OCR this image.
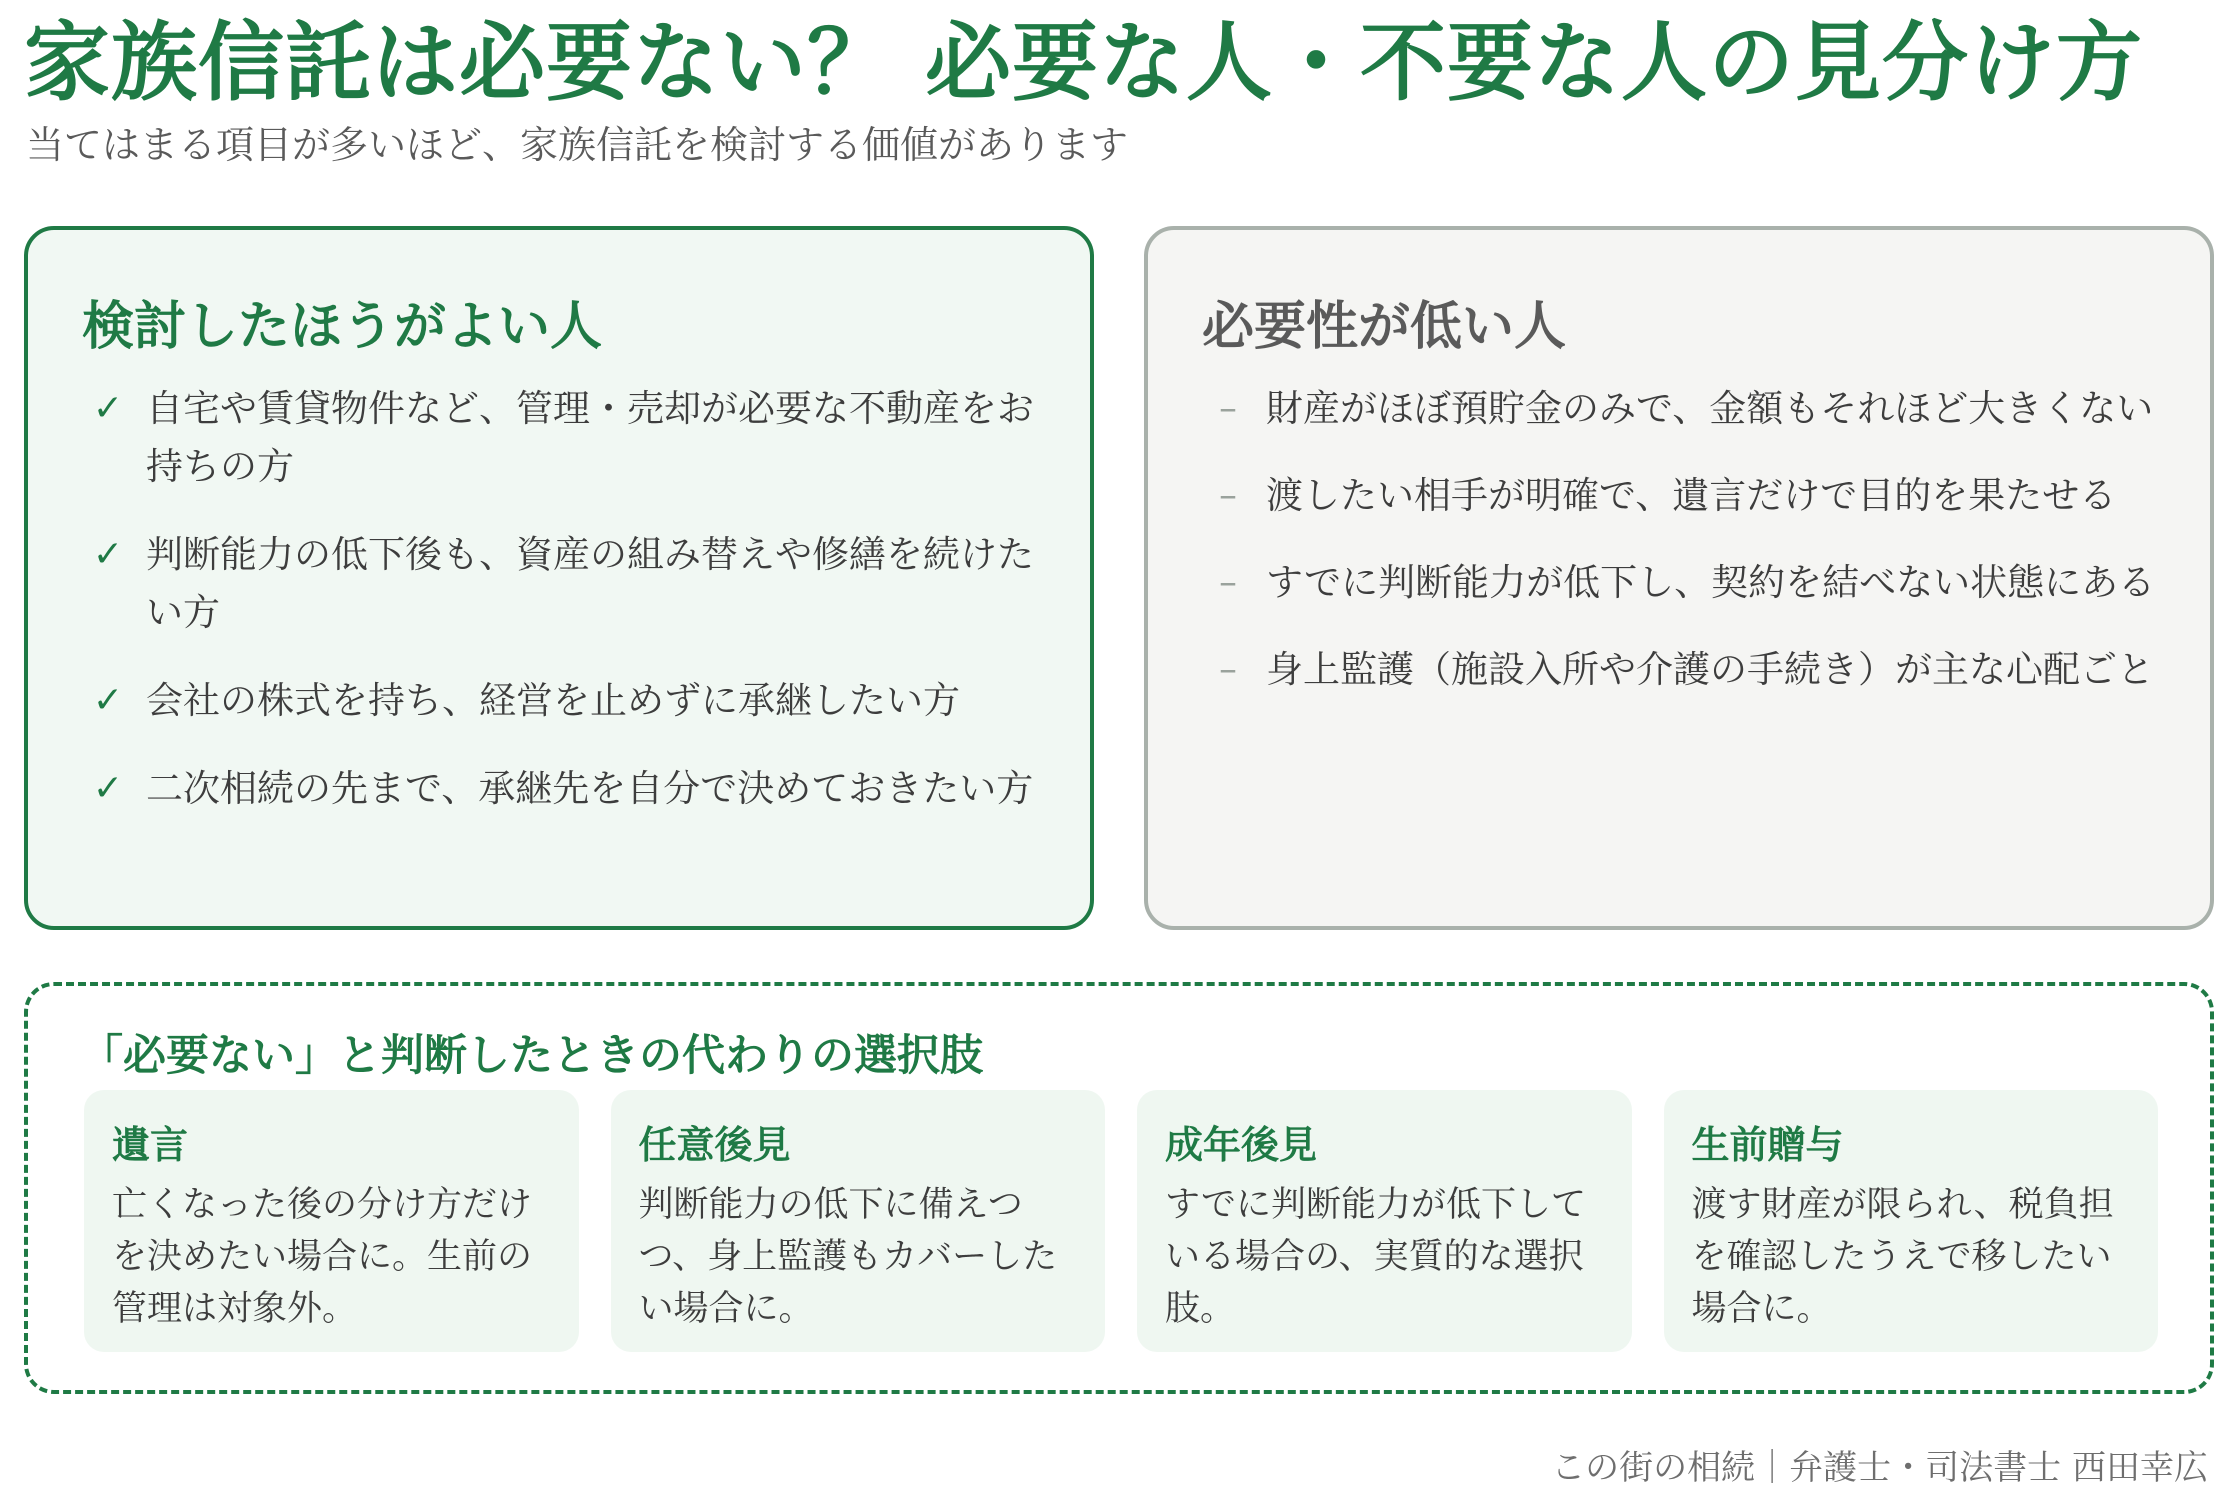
家族信託は必要ない？ 必要な人・不要な人の見分け方
当てはまる項目が多いほど、家族信託を検討する価値があります
検討したほうがよい人
✓ 自宅や賃貸物件など、管理・売却が必要な不動産をお持ちの方
✓ 判断能力の低下後も、資産の組み替えや修繕を続けたい方
✓ 会社の株式を持ち、経営を止めずに承継したい方
✓ 二次相続の先まで、承継先を自分で決めておきたい方
必要性が低い人
– 財産がほぼ預貯金のみで、金額もそれほど大きくない
– 渡したい相手が明確で、遺言だけで目的を果たせる
– すでに判断能力が低下し、契約を結べない状態にある
– 身上監護（施設入所や介護の手続き）が主な心配ごと
「必要ない」と判断したときの代わりの選択肢
遺言
亡くなった後の分け方だけを決めたい場合に。生前の管理は対象外。
任意後見
判断能力の低下に備えつつ、身上監護もカバーしたい場合に。
成年後見
すでに判断能力が低下している場合の、実質的な選択肢。
生前贈与
渡す財産が限られ、税負担を確認したうえで移したい場合に。
この街の相続｜弁護士・司法書士 西田幸広
